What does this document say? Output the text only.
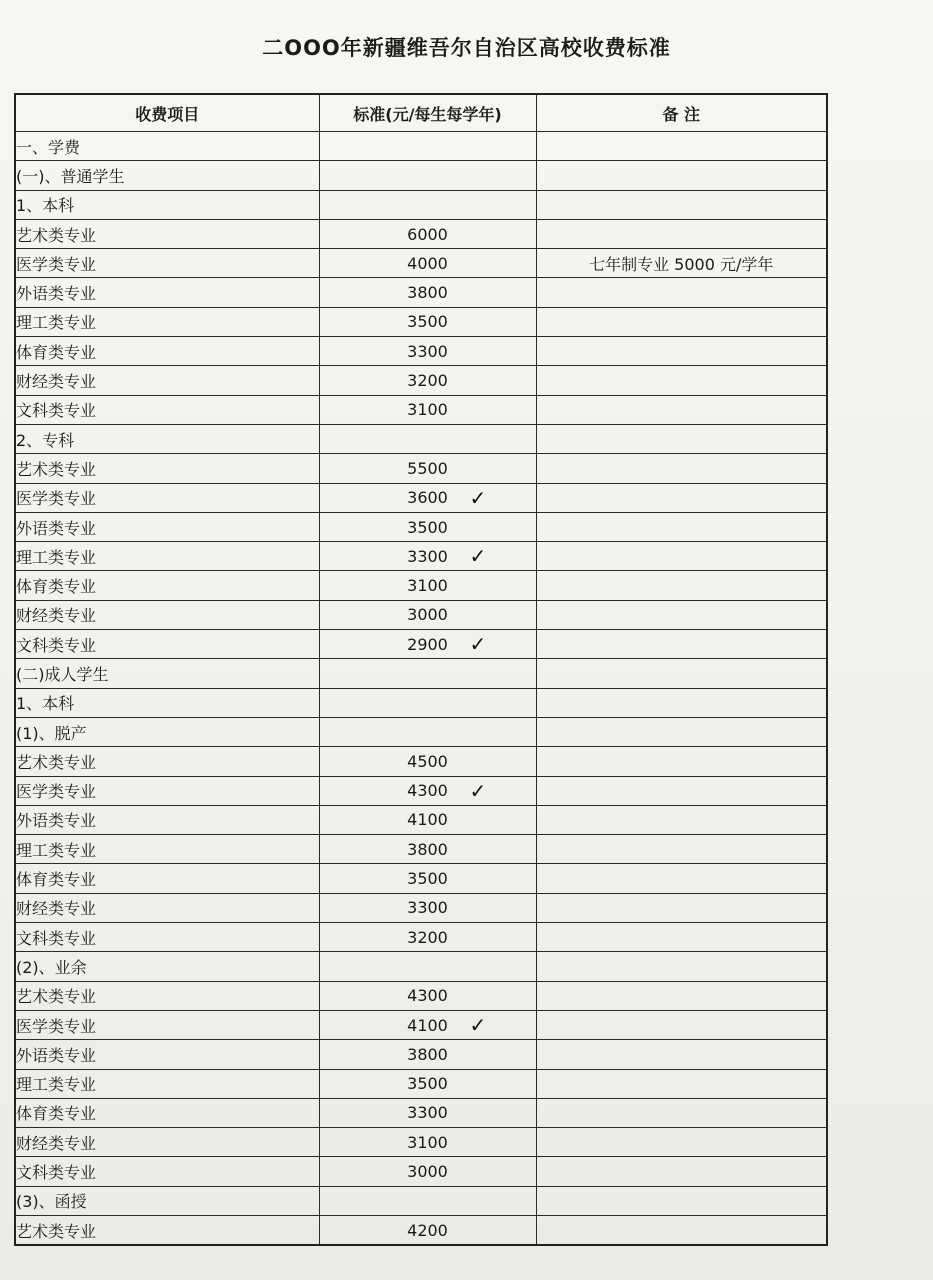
二OOO年新疆维吾尔自治区高校收费标准
收费项目	标准(元/每生每学年)	备 注
一、学费		
(一)、普通学生		
1、本科		
艺术类专业	6000	
医学类专业	4000	七年制专业 5000 元/学年
外语类专业	3800	
理工类专业	3500	
体育类专业	3300	
财经类专业	3200	
文科类专业	3100	
2、专科		
艺术类专业	5500	
医学类专业	3600 ✓	

外语类专业	3500	
理工类专业	3300 ✓	

体育类专业	3100	
财经类专业	3000	
文科类专业	2900 ✓	

(二)成人学生		
1、本科		
(1)、脱产		
艺术类专业	4500	
医学类专业	4300 ✓	

外语类专业	4100	
理工类专业	3800	
体育类专业	3500	
财经类专业	3300	
文科类专业	3200	
(2)、业余		
艺术类专业	4300	
医学类专业	4100 ✓	

外语类专业	3800	
理工类专业	3500	
体育类专业	3300	
财经类专业	3100	
文科类专业	3000	
(3)、函授		
艺术类专业	4200	
